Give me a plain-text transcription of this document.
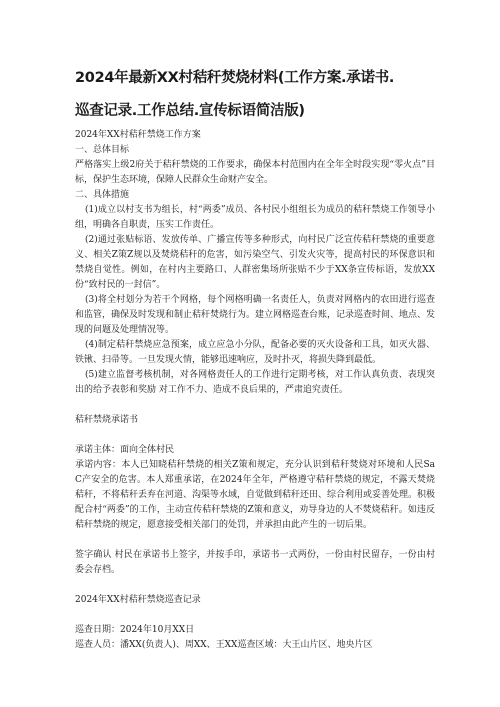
2024年最新XX村秸秆焚烧材料(工作方案.承诺书.
巡查记录.工作总结.宣传标语简洁版)

2024年XX村秸秆禁烧工作方案

一、总体目标

严格落实上级2府关于秸秆禁烧的工作要求，确保本村范围内在全年全时段实现“零火点”目标，保护生态环境，保障人民群众生命财产安全。

二、具体措施

(1)成立以村支书为组长，村“两委”成员、各村民小组组长为成员的秸秆禁烧工作领导小组，明确各自职责，压实工作责任。

(2)通过张贴标语、发放传单、广播宣传等多种形式，向村民广泛宣传秸秆禁烧的重要意义、相关Z策Z规以及焚烧秸秆的危害，如污染空气、引发火灾等，提高村民的环保意识和禁烧自觉性。例如，在村内主要路口、人群密集场所张贴不少于XX条宣传标语，发放XX份“致村民的一封信”。

(3)将全村划分为若干个网格，每个网格明确一名责任人，负责对网格内的农田进行巡查和监管，确保及时发现和制止秸秆焚烧行为。建立网格巡查台账，记录巡查时间、地点、发现的问题及处理情况等。

(4)制定秸秆禁烧应急预案，成立应急小分队，配备必要的灭火设备和工具，如灭火器、铁锹、扫帚等。一旦发现火情，能够迅速响应，及时扑灭，将损失降到最低。

(5)建立监督考核机制，对各网格责任人的工作进行定期考核，对工作认真负责、表现突出的给予表彰和奖励 对工作不力、造成不良后果的，严肃追究责任。

秸秆禁烧承诺书

承诺主体：面向全体村民

承诺内容：本人已知晓秸秆禁烧的相关Z策和规定，充分认识到秸秆焚烧对环境和人民Sa C产安全的危害。本人郑重承诺，在2024年全年，严格遵守秸秆禁烧的规定，不露天焚烧秸秆，不将秸秆丢弃在河道、沟渠等水域，自觉做到秸秆还田、综合利用或妥善处理。积极配合村“两委”的工作，主动宣传秸秆禁烧的Z策和意义，劝导身边的人不焚烧秸秆。如违反秸秆禁烧的规定，愿意接受相关部门的处罚，并承担由此产生的一切后果。

签字确认 村民在承诺书上签字，并按手印，承诺书一式两份，一份由村民留存，一份由村委会存档。

2024年XX村秸秆禁烧巡查记录

巡查日期：2024年10月XX日

巡查人员：潘XX(负责人)、周XX、王XX巡查区域：大王山片区、地央片区
